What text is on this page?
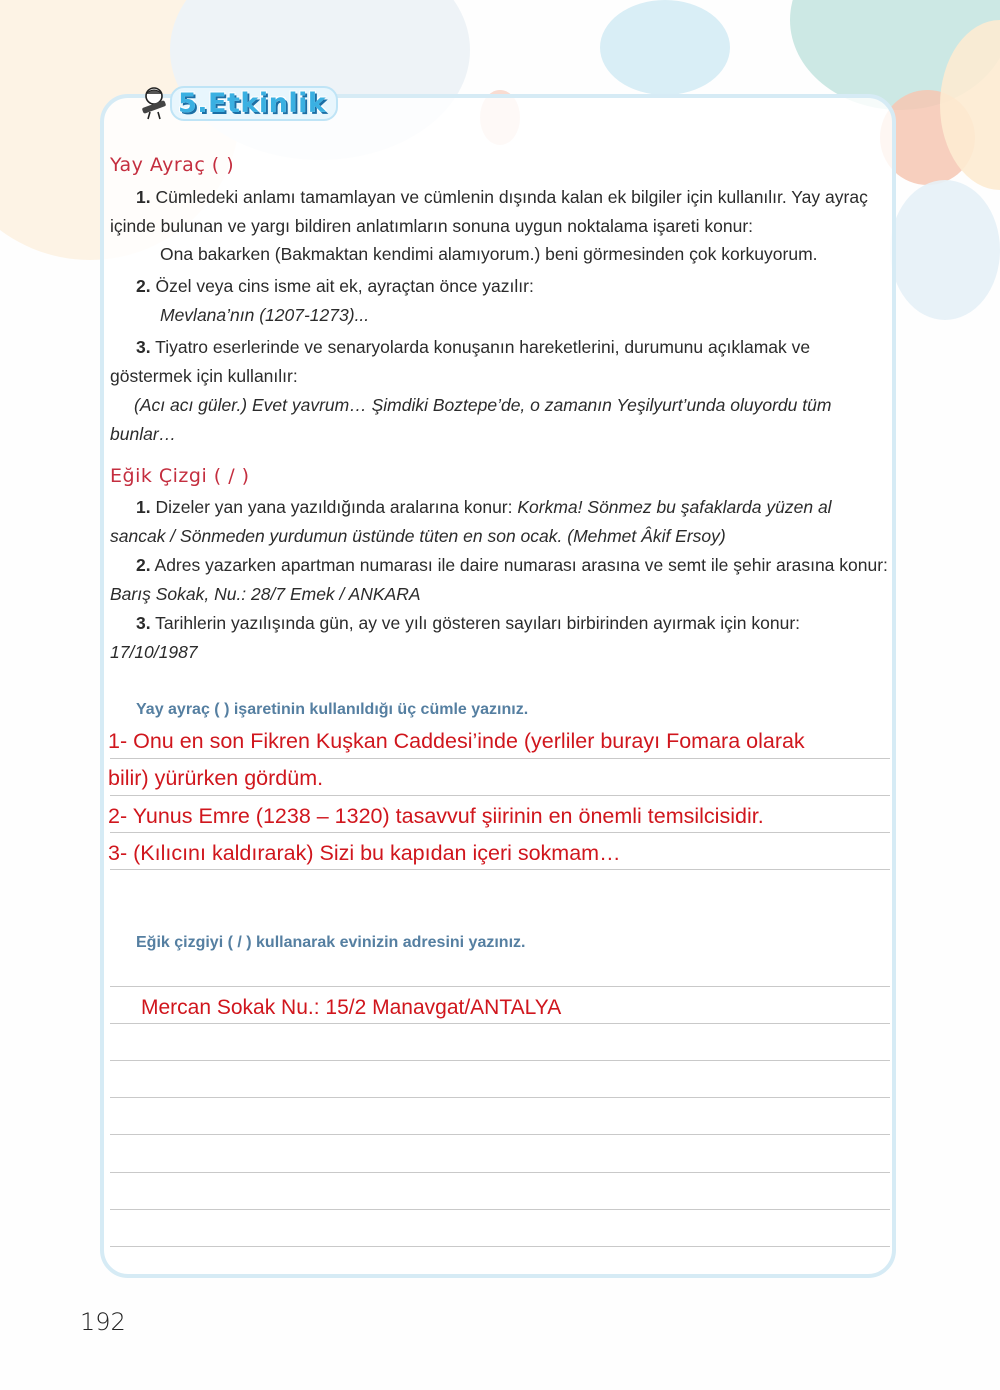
5.Etkinlik
Yay Ayraç ( )
1. Cümledeki anlamı tamamlayan ve cümlenin dışında kalan ek bilgiler için kullanılır. Yay ayraç içinde bulunan ve yargı bildiren anlatımların sonuna uygun noktalama işareti konur:
Ona bakarken (Bakmaktan kendimi alamıyorum.) beni görmesinden çok korkuyorum.
2. Özel veya cins isme ait ek, ayraçtan önce yazılır:
Mevlana’nın (1207-1273)...
3. Tiyatro eserlerinde ve senaryolarda konuşanın hareketlerini, durumunu açıklamak ve göstermek için kullanılır:
(Acı acı güler.) Evet yavrum… Şimdiki Boztepe’de, o zamanın Yeşilyurt’unda oluyordu tüm bunlar…
Eğik Çizgi ( / )
1. Dizeler yan yana yazıldığında aralarına konur: Korkma! Sönmez bu şafaklarda yüzen al sancak / Sönmeden yurdumun üstünde tüten en son ocak. (Mehmet Âkif Ersoy)
2. Adres yazarken apartman numarası ile daire numarası arasına ve semt ile şehir arasına konur: Barış Sokak, Nu.: 28/7 Emek / ANKARA
3. Tarihlerin yazılışında gün, ay ve yılı gösteren sayıları birbirinden ayırmak için konur:
17/10/1987
Yay ayraç ( ) işaretinin kullanıldığı üç cümle yazınız.
1- Onu en son Fikren Kuşkan Caddesi’inde (yerliler burayı Fomara olarak
bilir) yürürken gördüm.
2- Yunus Emre (1238 – 1320) tasavvuf şiirinin en önemli temsilcisidir.
3- (Kılıcını kaldırarak) Sizi bu kapıdan içeri sokmam…
Eğik çizgiyi ( / ) kullanarak evinizin adresini yazınız.
Mercan Sokak Nu.: 15/2 Manavgat/ANTALYA
192
